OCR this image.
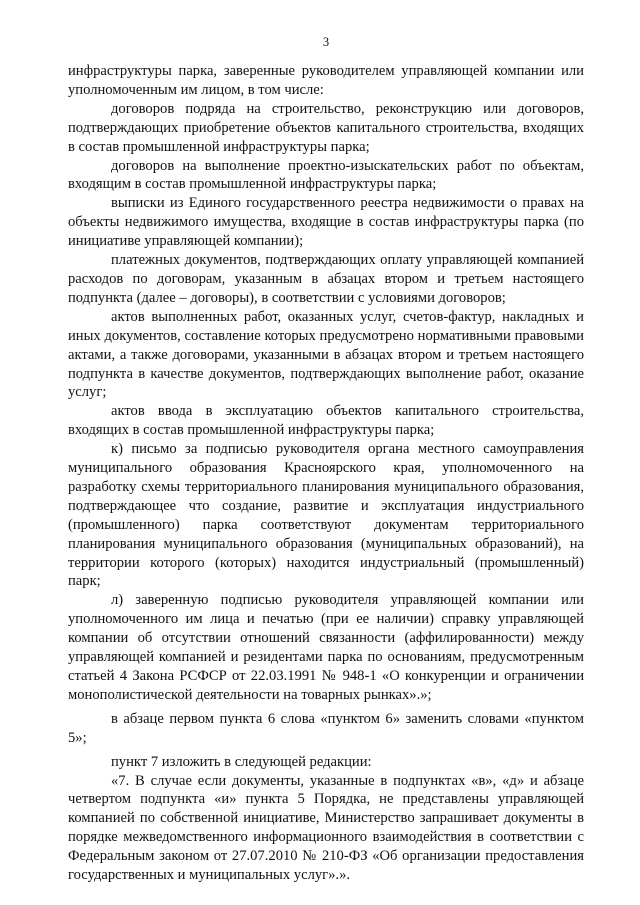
3

инфраструктуры парка, заверенные руководителем управляющей компании или уполномоченным им лицом, в том числе:

договоров подряда на строительство, реконструкцию или договоров, подтверждающих приобретение объектов капитального строительства, входящих в состав промышленной инфраструктуры парка;

договоров на выполнение проектно-изыскательских работ по объектам, входящим в состав промышленной инфраструктуры парка;

выписки из Единого государственного реестра недвижимости о правах на объекты недвижимого имущества, входящие в состав инфраструктуры парка (по инициативе управляющей компании);

платежных документов, подтверждающих оплату управляющей компанией расходов по договорам, указанным в абзацах втором и третьем настоящего подпункта (далее – договоры), в соответствии с условиями договоров;

актов выполненных работ, оказанных услуг, счетов-фактур, накладных и иных документов, составление которых предусмотрено нормативными правовыми актами, а также договорами, указанными в абзацах втором и третьем настоящего подпункта в качестве документов, подтверждающих выполнение работ, оказание услуг;

актов ввода в эксплуатацию объектов капитального строительства, входящих в состав промышленной инфраструктуры парка;

к) письмо за подписью руководителя органа местного самоуправления муниципального образования Красноярского края, уполномоченного на разработку схемы территориального планирования муниципального образования, подтверждающее что создание, развитие и эксплуатация индустриального (промышленного) парка соответствуют документам территориального планирования муниципального образования (муниципальных образований), на территории которого (которых) находится индустриальный (промышленный) парк;

л) заверенную подписью руководителя управляющей компании или уполномоченного им лица и печатью (при ее наличии) справку управляющей компании об отсутствии отношений связанности (аффилированности) между управляющей компанией и резидентами парка по основаниям, предусмотренным статьей 4 Закона РСФСР от 22.03.1991 № 948-1 «О конкуренции и ограничении монополистической деятельности на товарных рынках».»;

в абзаце первом пункта 6 слова «пунктом 6» заменить словами «пунктом 5»;

пункт 7 изложить в следующей редакции:

«7. В случае если документы, указанные в подпунктах «в», «д» и абзаце четвертом подпункта «и» пункта 5 Порядка, не представлены управляющей компанией по собственной инициативе, Министерство запрашивает документы в порядке межведомственного информационного взаимодействия в соответствии с Федеральным законом от 27.07.2010 № 210-ФЗ «Об организации предоставления государственных и муниципальных услуг».».
